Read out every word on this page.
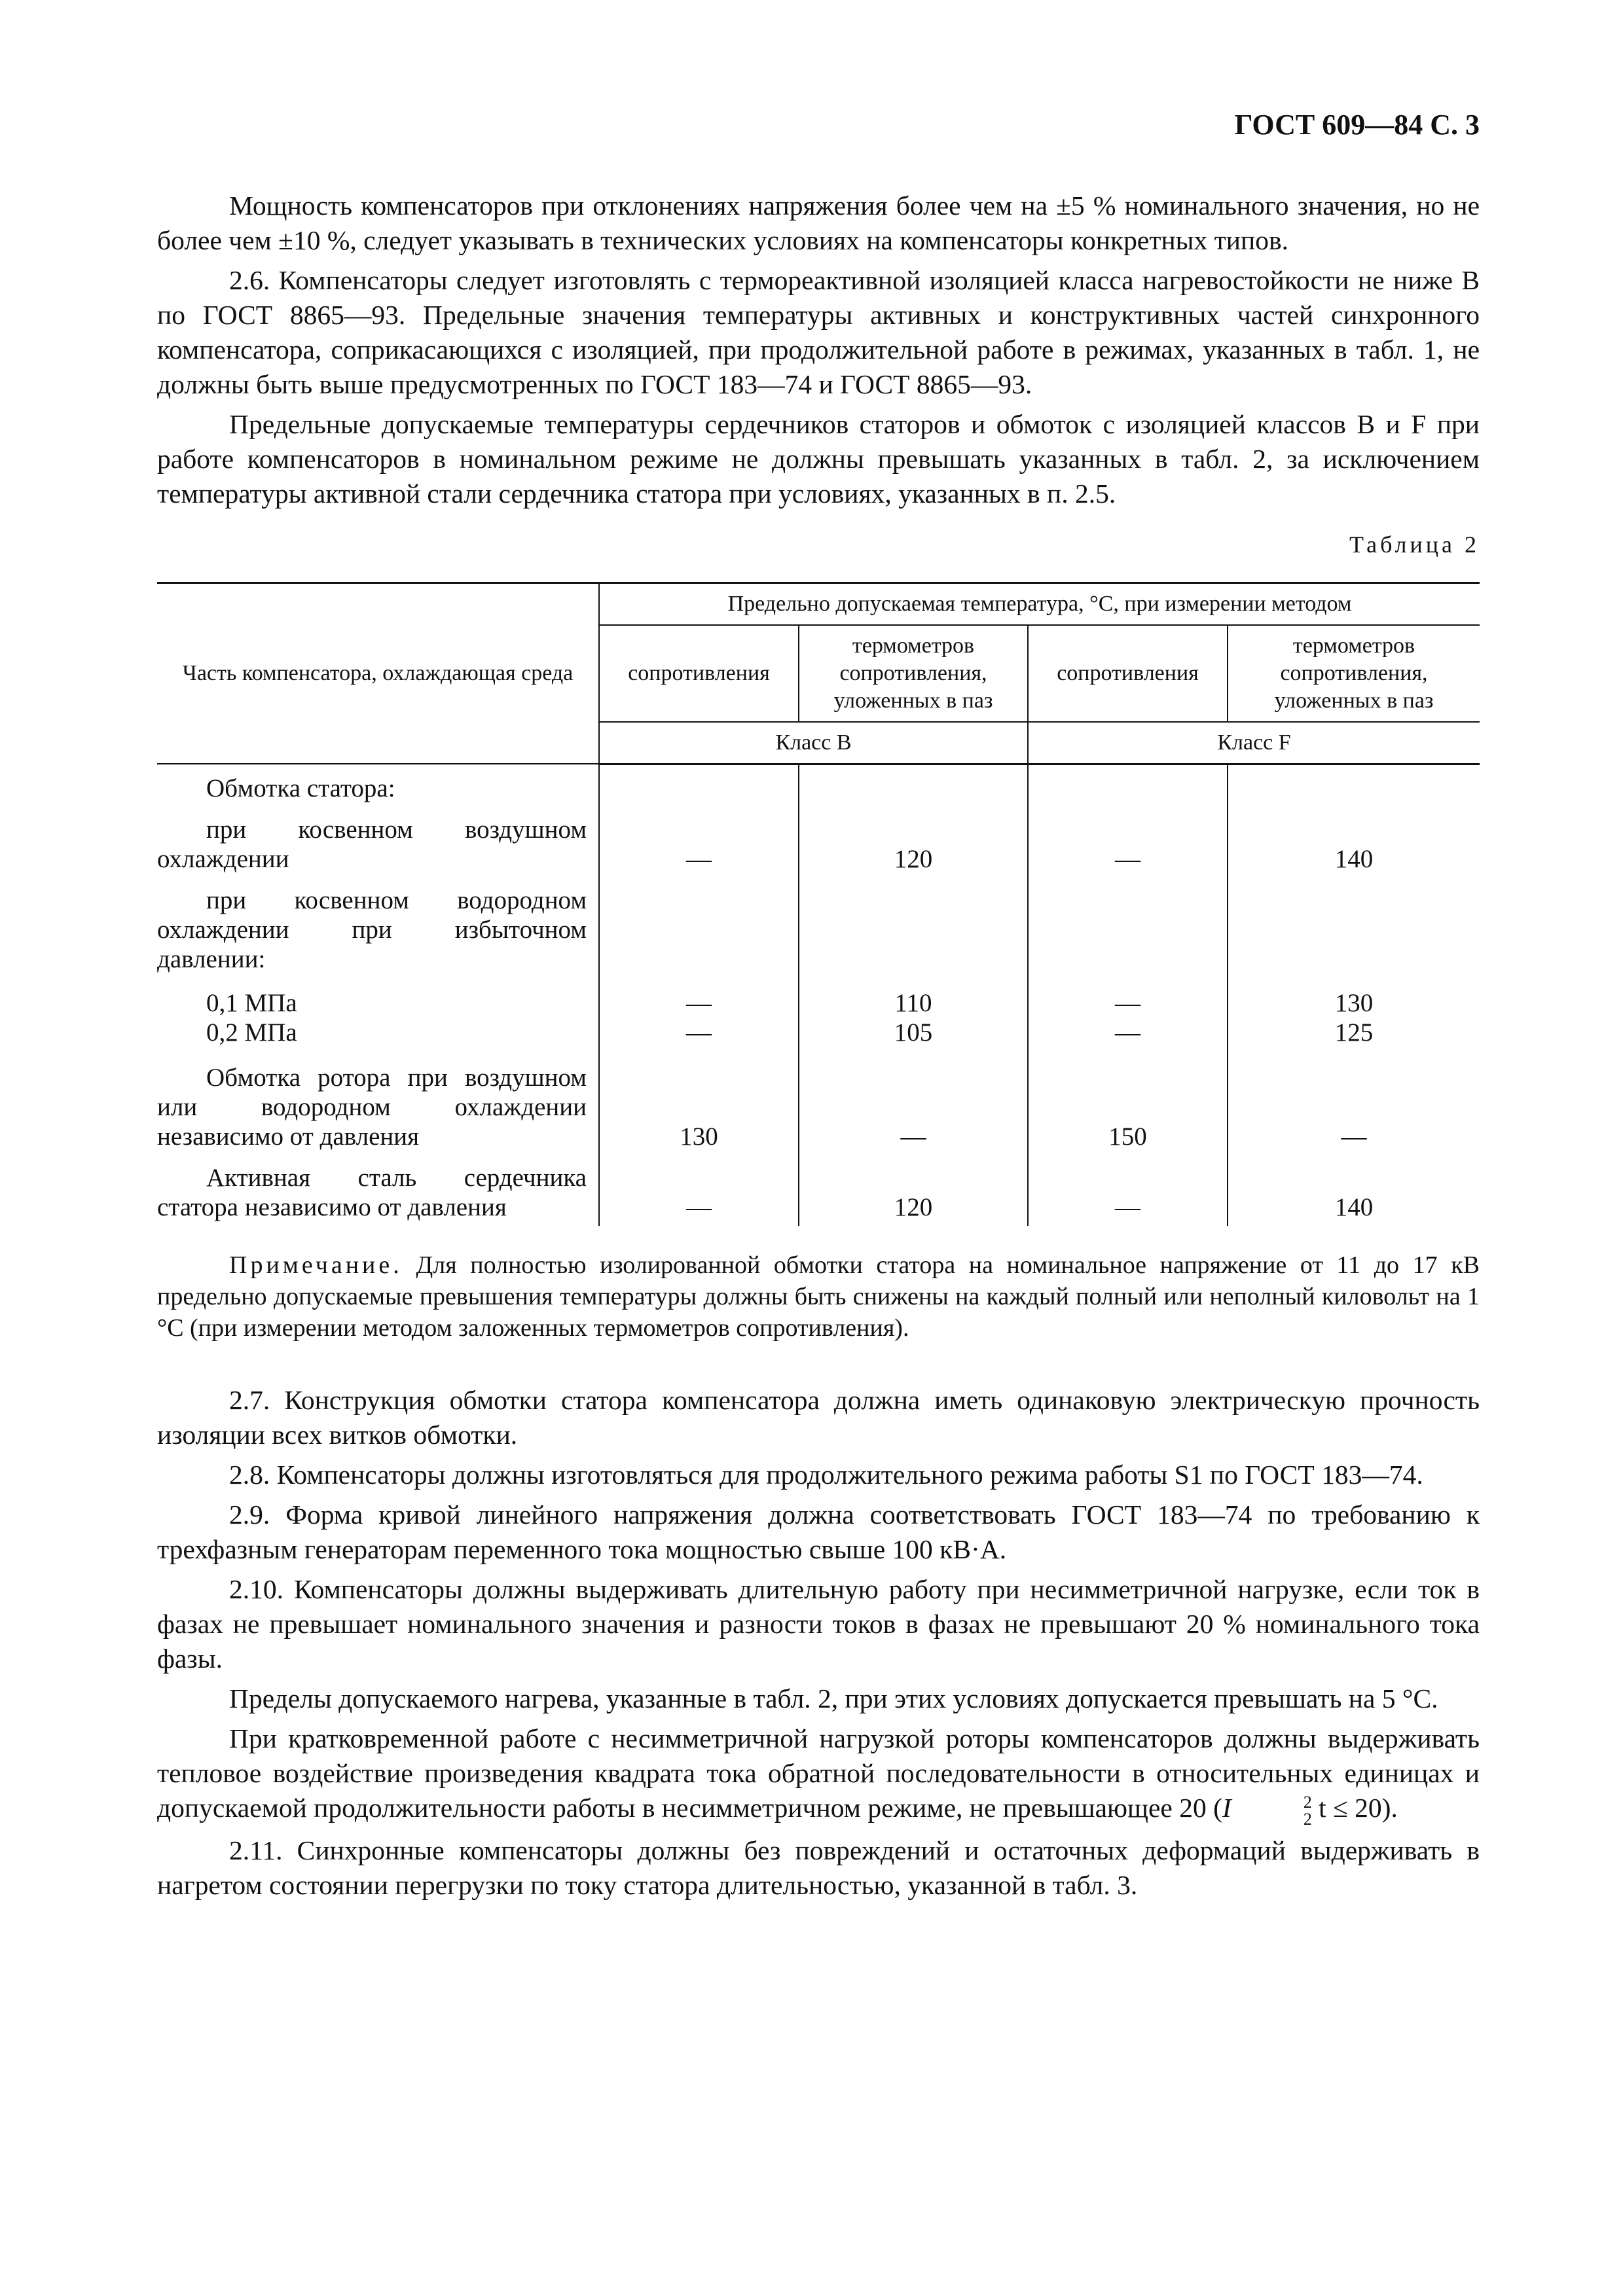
ГОСТ 609—84 С. 3

Мощность компенсаторов при отклонениях напряжения более чем на ±5 % номинального значения, но не более чем ±10 %, следует указывать в технических условиях на компенсаторы конкретных типов.

2.6. Компенсаторы следует изготовлять с термореактивной изоляцией класса нагревостойкости не ниже В по ГОСТ 8865—93. Предельные значения температуры активных и конструктивных частей синхронного компенсатора, соприкасающихся с изоляцией, при продолжительной работе в режимах, указанных в табл. 1, не должны быть выше предусмотренных по ГОСТ 183—74 и ГОСТ 8865—93.

Предельные допускаемые температуры сердечников статоров и обмоток с изоляцией классов В и F при работе компенсаторов в номинальном режиме не должны превышать указанных в табл. 2, за исключением температуры активной стали сердечника статора при условиях, указанных в п. 2.5.

Таблица 2
Часть компенсатора, охлаждающая среда	Предельно допускаемая температура, °С, при измерении методом			
	сопротивления	термометров сопротивления, уложенных в паз	сопротивления	термометров сопротивления, уложенных в паз
	Класс В		Класс F	

Обмотка статора:				

при косвенном воздушном охлаждении	—	120	—	140

при косвенном водородном охлаждении при избыточном давлении:				

0,1 МПа	—	110	—	130
0,2 МПа	—	105	—	125

Обмотка ротора при воздушном или водородном охлаждении независимо от давления	130	—	150	—

Активная сталь сердечника статора независимо от давления	—	120	—	140
Примечание. Для полностью изолированной обмотки статора на номинальное напряжение от 11 до 17 кВ предельно допускаемые превышения температуры должны быть снижены на каждый полный или неполный киловольт на 1 °С (при измерении методом заложенных термометров сопротивления).

2.7. Конструкция обмотки статора компенсатора должна иметь одинаковую электрическую прочность изоляции всех витков обмотки.

2.8. Компенсаторы должны изготовляться для продолжительного режима работы S1 по ГОСТ 183—74.

2.9. Форма кривой линейного напряжения должна соответствовать ГОСТ 183—74 по требованию к трехфазным генераторам переменного тока мощностью свыше 100 кВ·А.

2.10. Компенсаторы должны выдерживать длительную работу при несимметричной нагрузке, если ток в фазах не превышает номинального значения и разности токов в фазах не превышают 20 % номинального тока фазы.

Пределы допускаемого нагрева, указанные в табл. 2, при этих условиях допускается превышать на 5 °С.

При кратковременной работе с несимметричной нагрузкой роторы компенсаторов должны выдерживать тепловое воздействие произведения квадрата тока обратной последовательности в относительных единицах и допускаемой продолжительности работы в несимметричном режиме, не превышающее 20 (I	2
2 t ≤ 20).

2.11. Синхронные компенсаторы должны без повреждений и остаточных деформаций выдерживать в нагретом состоянии перегрузки по току статора длительностью, указанной в табл. 3.
